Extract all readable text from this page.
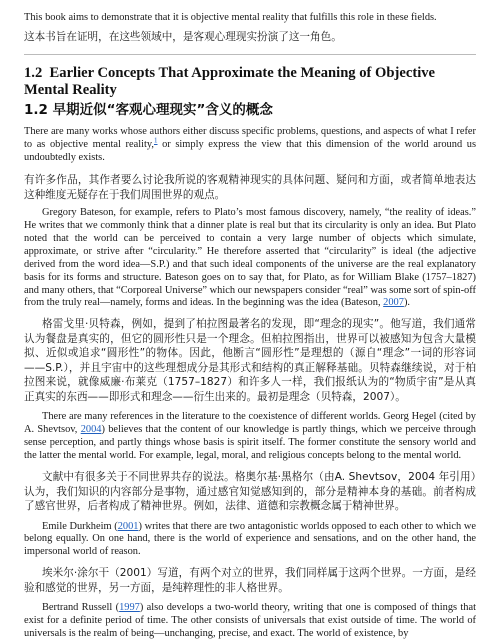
This book aims to demonstrate that it is objective mental reality that fulfills this role in these fields.

这本书旨在证明，在这些领域中，是客观心理现实扮演了这一角色。

1.2 Earlier Concepts That Approximate the Meaning of Objective Mental Reality
1.2 早期近似“客观心理现实”含义的概念

There are many works whose authors either discuss specific problems, questions, and aspects of what I refer to as objective mental reality,$^1$ or simply express the view that this dimension of the world around us undoubtedly exists.

有许多作品，其作者要么讨论我所说的客观精神现实的具体问题、疑问和方面，或者简单地表达这种维度无疑存在于我们周围世界的观点。

Gregory Bateson, for example, refers to Plato’s most famous discovery, namely, “the reality of ideas.” He writes that we commonly think that a dinner plate is real but that its circularity is only an idea. But Plato noted that the world can be perceived to contain a very large number of objects which simulate, approximate, or strive after “circularity.” He therefore asserted that “circularity” is ideal (the adjective derived from the word idea—S.P.) and that such ideal components of the universe are the real explanatory basis for its forms and structure. Bateson goes on to say that, for Plato, as for William Blake (1757–1827) and many others, that “Corporeal Universe” which our newspapers consider “real” was some sort of spin-off from the truly real—namely, forms and ideas. In the beginning was the idea (Bateson, 2007).

格雷戈里·贝特森，例如，提到了柏拉图最著名的发现，即“理念的现实”。他写道，我们通常认为餐盘是真实的，但它的圆形性只是一个理念。但柏拉图指出，世界可以被感知为包含大量模拟、近似或追求“圆形性”的物体。因此，他断言“圆形性”是理想的（源自“理念”一词的形容词——S.P.），并且宇宙中的这些理想成分是其形式和结构的真正解释基础。贝特森继续说，对于柏拉图来说，就像威廉·布莱克（1757–1827）和许多人一样，我们报纸认为的“物质宇宙”是从真正真实的东西——即形式和理念——衍生出来的。最初是理念（贝特森，2007）。

There are many references in the literature to the coexistence of different worlds. Georg Hegel (cited by A. Shevtsov, 2004) believes that the content of our knowledge is partly things, which we perceive through sense perception, and partly things whose basis is spirit itself. The former constitute the sensory world and the latter the mental world. For example, legal, moral, and religious concepts belong to the mental world.

文献中有很多关于不同世界共存的说法。格奥尔基·黑格尔（由A. Shevtsov，2004 年引用）认为，我们知识的内容部分是事物，通过感官知觉感知到的，部分是精神本身的基础。前者构成了感官世界，后者构成了精神世界。例如，法律、道德和宗教概念属于精神世界。

Emile Durkheim (2001) writes that there are two antagonistic worlds opposed to each other to which we belong equally. On one hand, there is the world of experience and sensations, and on the other hand, the impersonal world of reason.

埃米尔·涂尔干（2001）写道，有两个对立的世界，我们同样属于这两个世界。一方面，是经验和感觉的世界，另一方面，是纯粹理性的非人格世界。

Bertrand Russell (1997) also develops a two-world theory, writing that one is composed of things that exist for a definite period of time. The other consists of universals that exist outside of time. The world of universals is the realm of being—unchanging, precise, and exact. The world of existence, by
